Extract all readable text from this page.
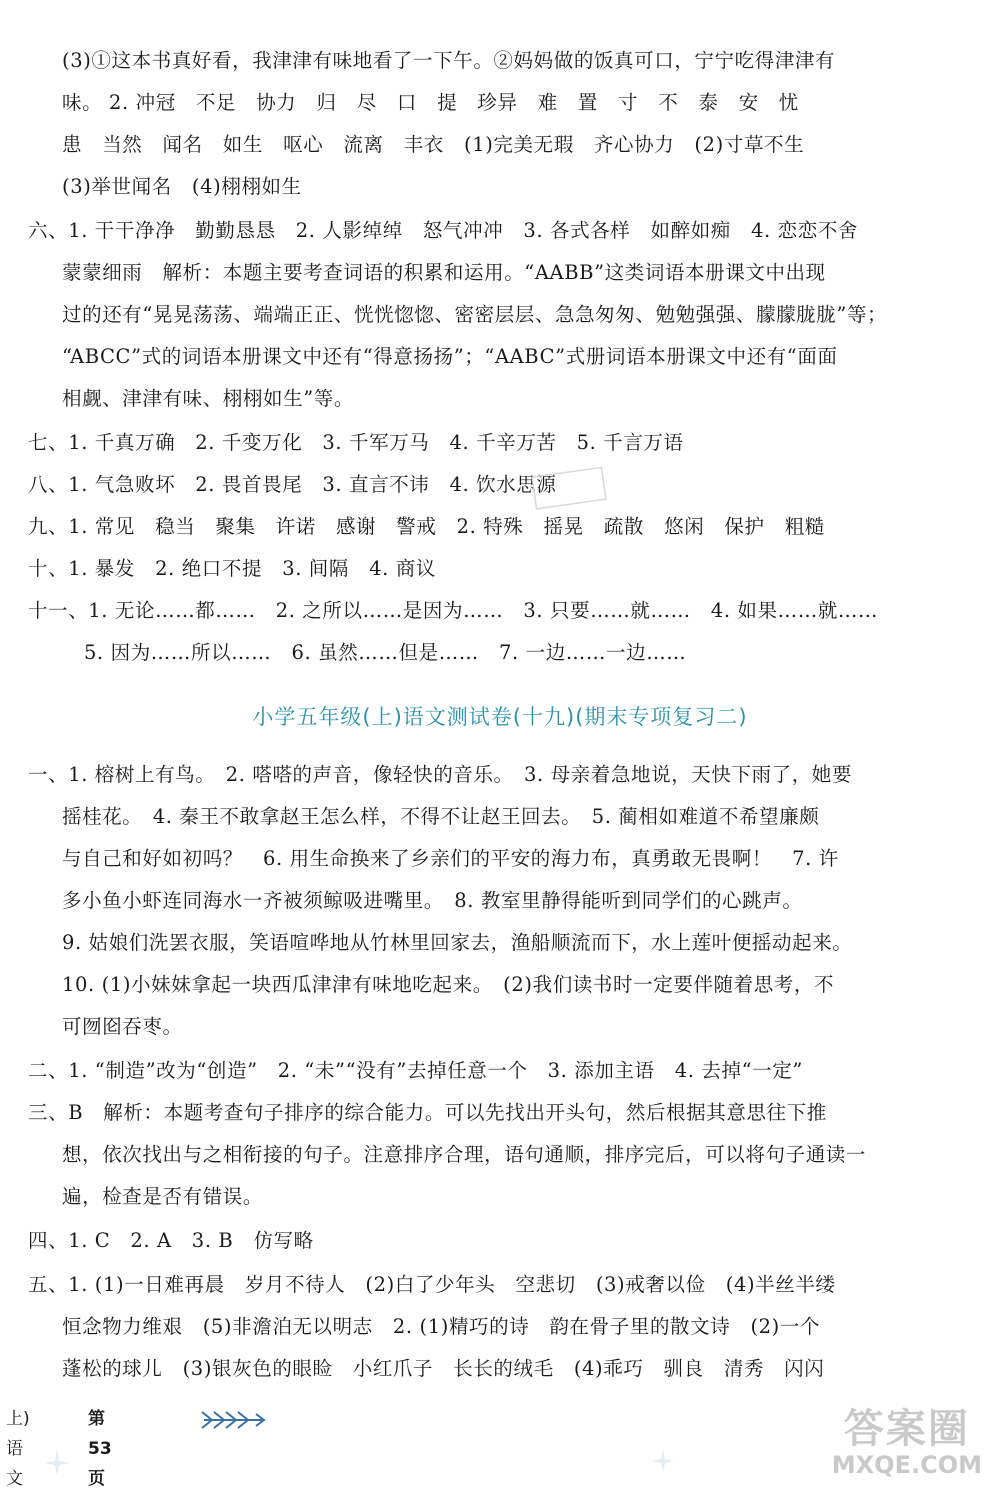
(3)①这本书真好看，我津津有味地看了一下午。②妈妈做的饭真可口，宁宁吃得津津有
味。 2. 冲冠　不足　协力　归　尽　口　提　珍异　难　置　寸　不　泰　安　忧
患　当然　闻名　如生　呕心　流离　丰衣　(1)完美无瑕　齐心协力　(2)寸草不生
(3)举世闻名　(4)栩栩如生
六、1. 干干净净　勤勤恳恳　2. 人影绰绰　怒气冲冲　3. 各式各样　如醉如痴　4. 恋恋不舍
蒙蒙细雨　解析：本题主要考查词语的积累和运用。“AABB”这类词语本册课文中出现
过的还有“晃晃荡荡、端端正正、恍恍惚惚、密密层层、急急匆匆、勉勉强强、朦朦胧胧”等；
“ABCC”式的词语本册课文中还有“得意扬扬”；“AABC”式册词语本册课文中还有“面面
相觑、津津有味、栩栩如生”等。
七、1. 千真万确　2. 千变万化　3. 千军万马　4. 千辛万苦　5. 千言万语
八、1. 气急败坏　2. 畏首畏尾　3. 直言不讳　4. 饮水思源
九、1. 常见　稳当　聚集　许诺　感谢　警戒　2. 特殊　摇晃　疏散　悠闲　保护　粗糙
十、1. 暴发　2. 绝口不提　3. 间隔　4. 商议
十一、1. 无论……都……　2. 之所以……是因为……　3. 只要……就……　4. 如果……就……
5. 因为……所以……　6. 虽然……但是……　7. 一边……一边……
小学五年级(上)语文测试卷(十九)(期末专项复习二)
一、1. 榕树上有鸟。　2. 嗒嗒的声音，像轻快的音乐。　3. 母亲着急地说，天快下雨了，她要
摇桂花。　4. 秦王不敢拿赵王怎么样，不得不让赵王回去。　5. 蔺相如难道不希望廉颇
与自己和好如初吗？　6. 用生命换来了乡亲们的平安的海力布，真勇敢无畏啊！　7. 许
多小鱼小虾连同海水一齐被须鲸吸进嘴里。　8. 教室里静得能听到同学们的心跳声。
9. 姑娘们洗罢衣服，笑语喧哗地从竹林里回家去，渔船顺流而下，水上莲叶便摇动起来。
10. (1)小妹妹拿起一块西瓜津津有味地吃起来。　(2)我们读书时一定要伴随着思考，不
可囫囵吞枣。
二、1. “制造”改为“创造”　2. “未”“没有”去掉任意一个　3. 添加主语　4. 去掉“一定”
三、B　解析：本题考查句子排序的综合能力。可以先找出开头句，然后根据其意思往下推
想，依次找出与之相衔接的句子。注意排序合理，语句通顺，排序完后，可以将句子通读一
遍，检查是否有错误。
四、1. C　2. A　3. B　仿写略
五、1. (1)一日难再晨　岁月不待人　(2)白了少年头　空悲切　(3)戒奢以俭　(4)半丝半缕
恒念物力维艰　(5)非澹泊无以明志　2. (1)精巧的诗　韵在骨子里的散文诗　(2)一个
蓬松的球儿　(3)银灰色的眼睑　小红爪子　长长的绒毛　(4)乖巧　驯良　清秀　闪闪
上)语文
第 53 页
答案圈
MXQE.COM
